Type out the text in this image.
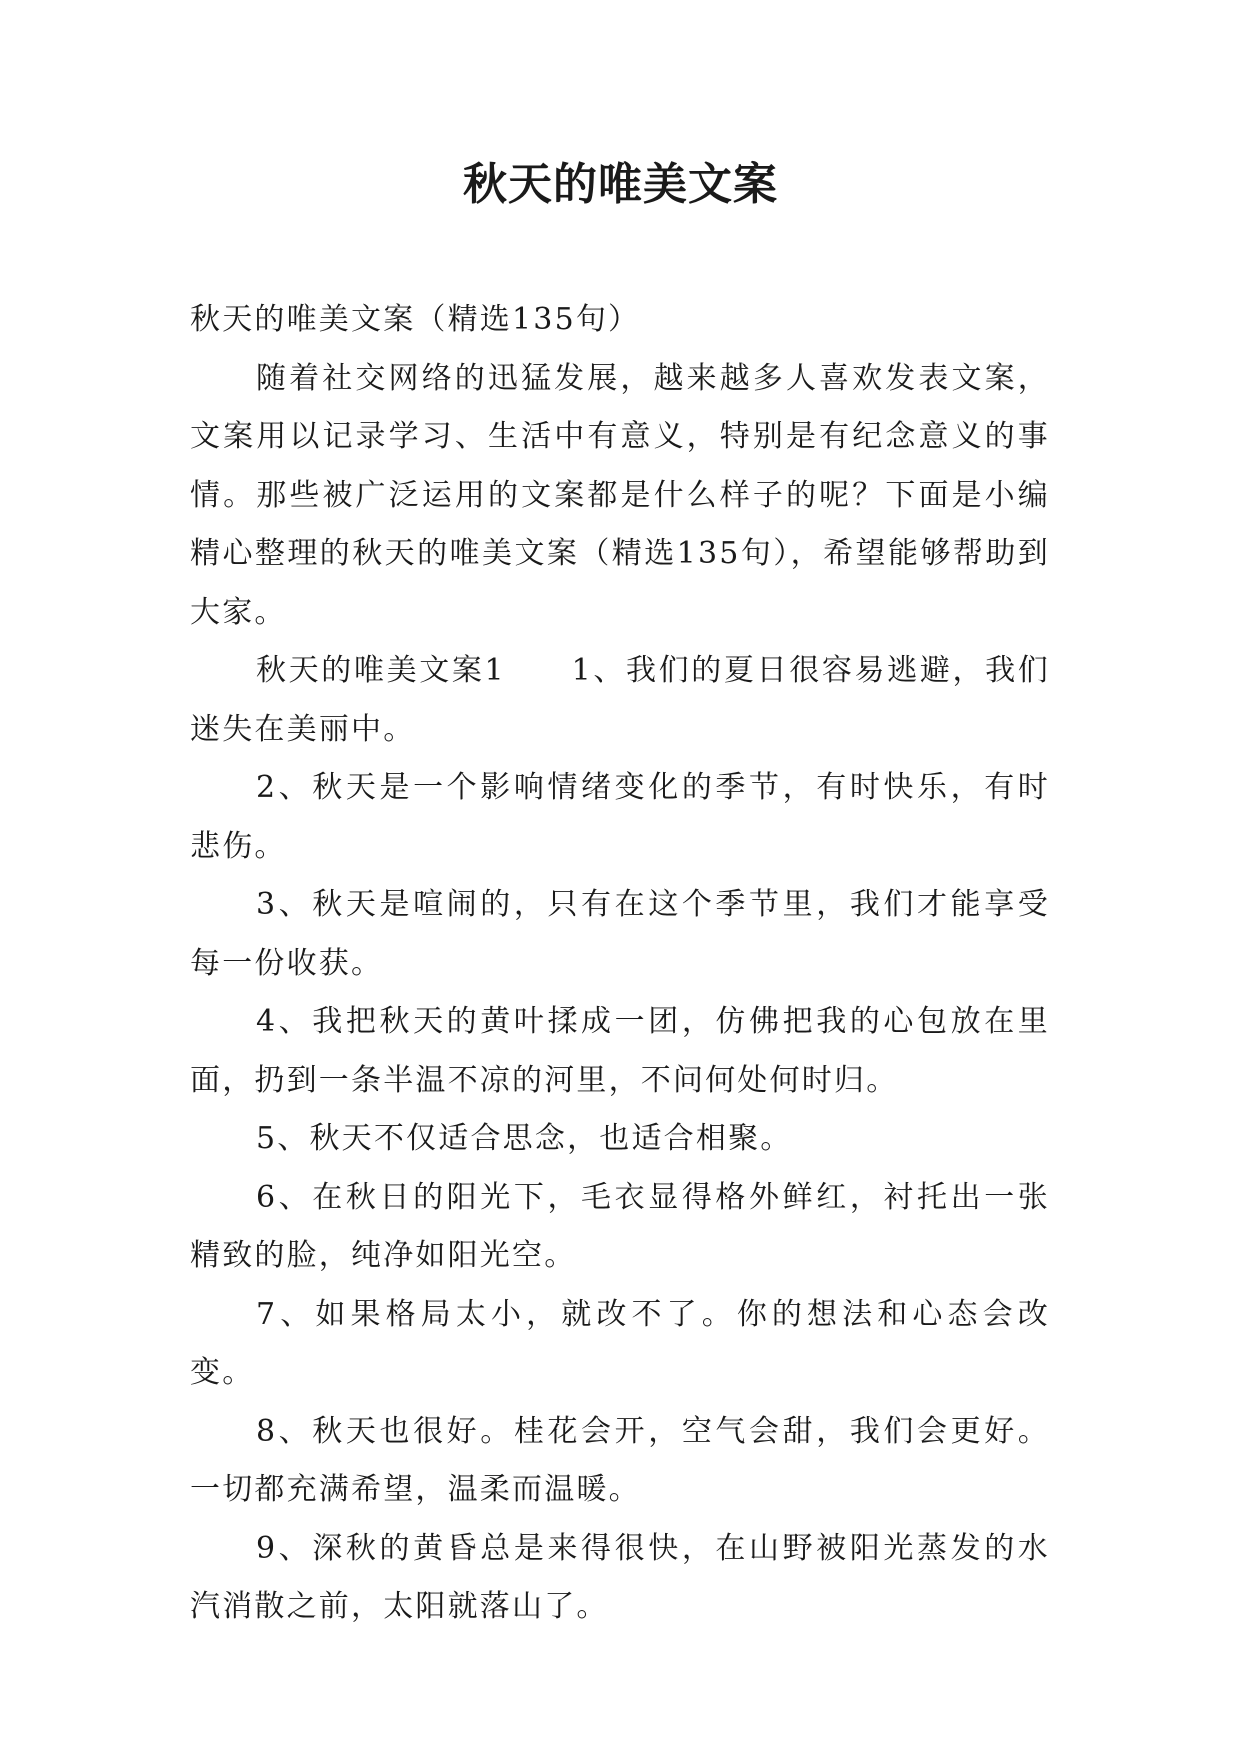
秋天的唯美文案

秋天的唯美文案（精选135句）

随着社交网络的迅猛发展，越来越多人喜欢发表文案，文案用以记录学习、生活中有意义，特别是有纪念意义的事情。那些被广泛运用的文案都是什么样子的呢？下面是小编精心整理的秋天的唯美文案（精选135句），希望能够帮助到大家。

秋天的唯美文案1　　1、我们的夏日很容易逃避，我们迷失在美丽中。

2、秋天是一个影响情绪变化的季节，有时快乐，有时悲伤。

3、秋天是喧闹的，只有在这个季节里，我们才能享受每一份收获。

4、我把秋天的黄叶揉成一团，仿佛把我的心包放在里面，扔到一条半温不凉的河里，不问何处何时归。

5、秋天不仅适合思念，也适合相聚。

6、在秋日的阳光下，毛衣显得格外鲜红，衬托出一张精致的脸，纯净如阳光空。

7、如果格局太小，就改不了。你的想法和心态会改变。

8、秋天也很好。桂花会开，空气会甜，我们会更好。一切都充满希望，温柔而温暖。

9、深秋的黄昏总是来得很快，在山野被阳光蒸发的水汽消散之前，太阳就落山了。
